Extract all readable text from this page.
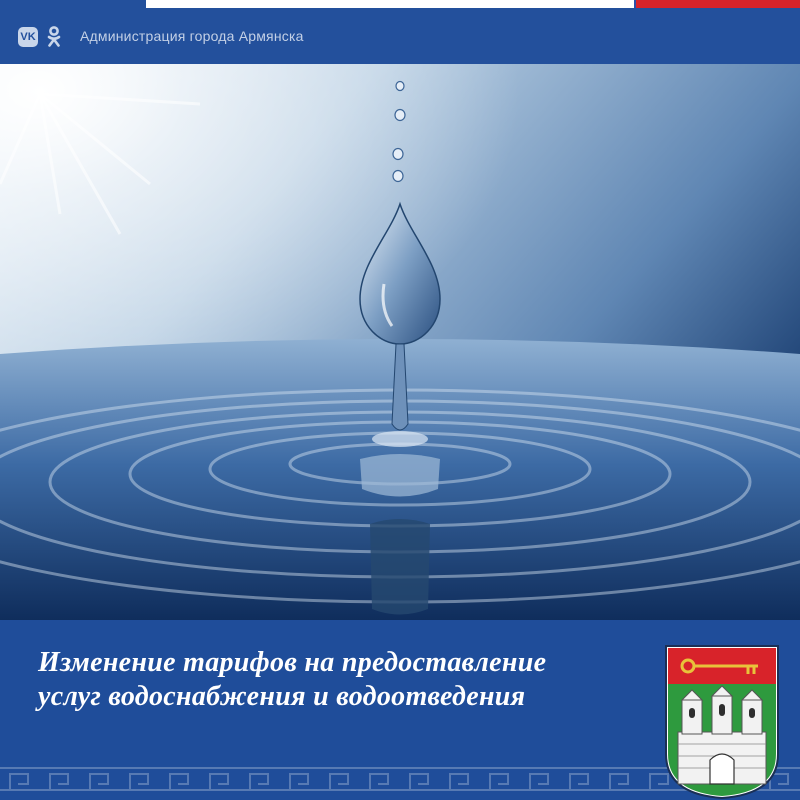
VK	Администрация города Армянска
Изменение тарифов на предоставление
услуг водоснабжения и водоотведения
